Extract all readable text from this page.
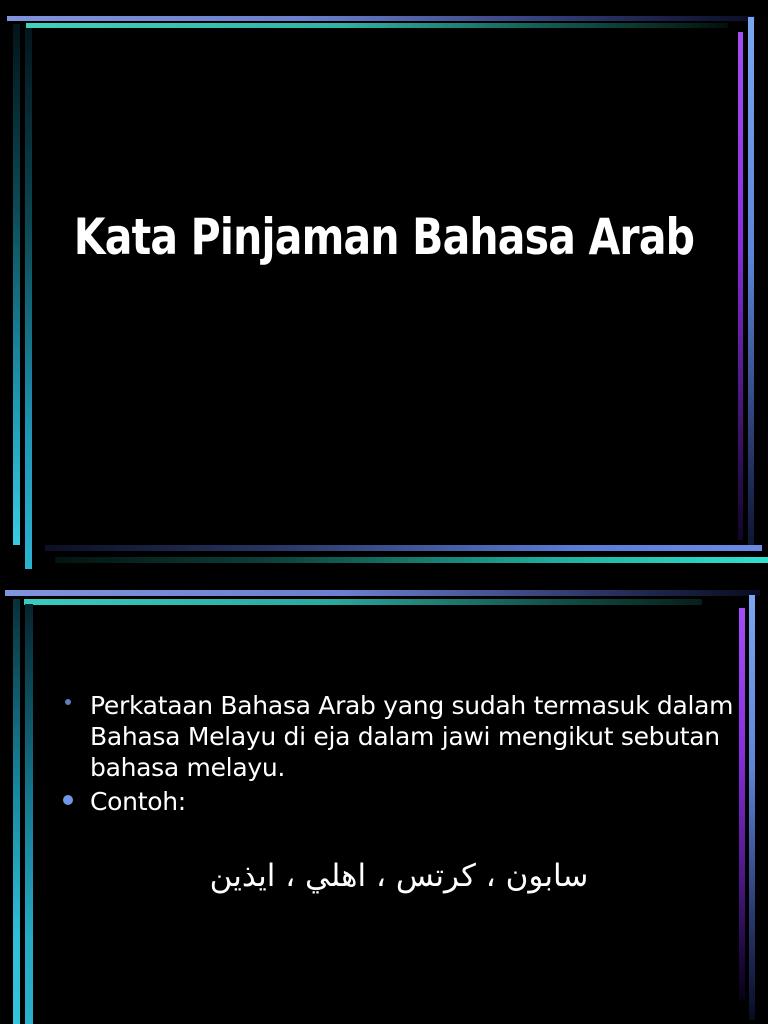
Kata Pinjaman Bahasa Arab
Perkataan Bahasa Arab yang sudah termasuk dalam
Bahasa Melayu di eja dalam jawi mengikut sebutan
bahasa melayu.
Contoh:
سابون ، كرتس ، اهلي ، ايذين
